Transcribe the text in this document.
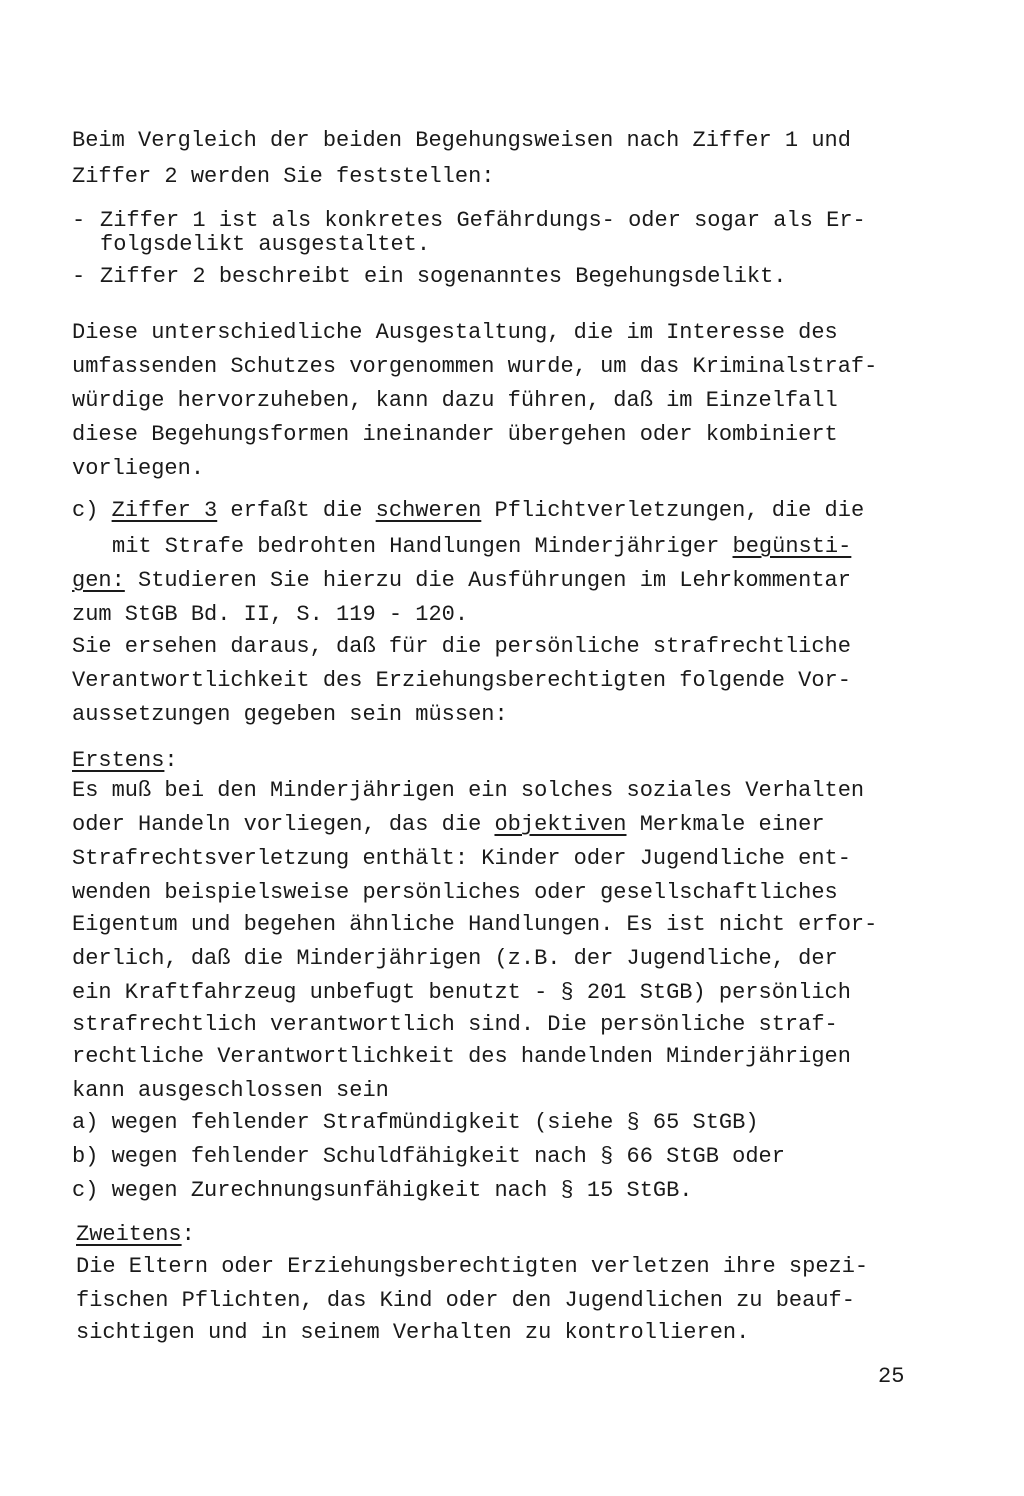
Beim Vergleich der beiden Begehungsweisen nach Ziffer 1 und

Ziffer 2 werden Sie feststellen:

- Ziffer 1 ist als konkretes Gefährdungs- oder sogar als Er-

folgsdelikt ausgestaltet.

- Ziffer 2 beschreibt ein sogenanntes Begehungsdelikt.

Diese unterschiedliche Ausgestaltung, die im Interesse des

umfassenden Schutzes vorgenommen wurde, um das Kriminalstraf-

würdige hervorzuheben, kann dazu führen, daß im Einzelfall

diese Begehungsformen ineinander übergehen oder kombiniert

vorliegen.

c) Ziffer 3 erfaßt die schweren Pflichtverletzungen, die die

mit Strafe bedrohten Handlungen Minderjähriger begünsti-

gen: Studieren Sie hierzu die Ausführungen im Lehrkommentar

zum StGB Bd. II, S. 119 - 120.

Sie ersehen daraus, daß für die persönliche strafrechtliche

Verantwortlichkeit des Erziehungsberechtigten folgende Vor-

aussetzungen gegeben sein müssen:

Erstens:

Es muß bei den Minderjährigen ein solches soziales Verhalten

oder Handeln vorliegen, das die objektiven Merkmale einer

Strafrechtsverletzung enthält: Kinder oder Jugendliche ent-

wenden beispielsweise persönliches oder gesellschaftliches

Eigentum und begehen ähnliche Handlungen. Es ist nicht erfor-

derlich, daß die Minderjährigen (z.B. der Jugendliche, der

ein Kraftfahrzeug unbefugt benutzt - § 201 StGB) persönlich

strafrechtlich verantwortlich sind. Die persönliche straf-

rechtliche Verantwortlichkeit des handelnden Minderjährigen

kann ausgeschlossen sein

a) wegen fehlender Strafmündigkeit (siehe § 65 StGB)

b) wegen fehlender Schuldfähigkeit nach § 66 StGB oder

c) wegen Zurechnungsunfähigkeit nach § 15 StGB.

Zweitens:

Die Eltern oder Erziehungsberechtigten verletzen ihre spezi-

fischen Pflichten, das Kind oder den Jugendlichen zu beauf-

sichtigen und in seinem Verhalten zu kontrollieren.

25
